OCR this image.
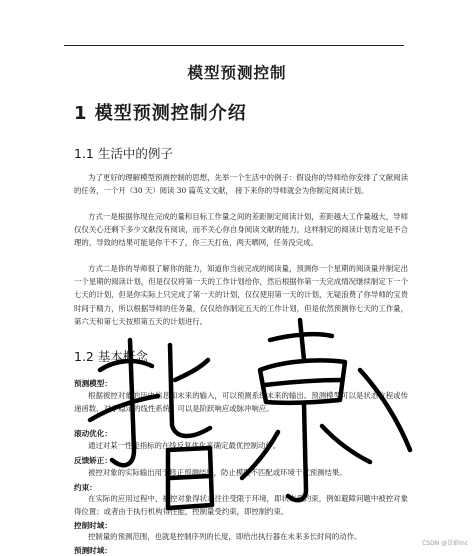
模型预测控制
1 模型预测控制介绍
1.1 生活中的例子
为了更好的理解模型预测控制的思想，先举一个生活中的例子：假设你的导师给你安排了文献阅读的任务，一个月（30 天）阅读 30 篇英文文献， 接下来你的导师就会为你制定阅读计划。
方式一是根据你现在完成的量和目标工作量之间的差距制定阅读计划，差距越大工作量越大，导师仅仅关心还剩下多少文献没有阅读，而不关心你自身阅读文献的能力，这样制定的阅读计划肯定是不合理的，导致的结果可能是你干不了，你三天打鱼，两天晒网，任务没完成。
方式二是你的导师很了解你的能力，知道你当前完成的阅读量，预测你一个星期的阅读量并制定出一个星期的阅读计划，但是仅仅将第一天的工作计划给你，然后根据你第一天完成情况继续制定下一个七天的计划，但是你实际上只完成了第一天的计划，仅仅使用第一天的计划，无疑浪费了你导师的宝贵时间于精力，所以根据导师的任务量，仅仅给你制定五天的工作计划，但是依然预测你七天的工作量，第六天和第七天按照第五天的计划进行。
1.2 基本概念
预测模型：
根据被控对象的历史信息和未来的输入，可以预测系统未来的输出。预测模型可以是状态方程或传递函数，对于稳定的线性系统，可以是阶跃响应或脉冲响应。
滚动优化：
通过对某一性能指标的在线反复优化来确定最优控制动作。
反馈矫正：
被控对象的实际输出用于修正预测结果，防止模型不匹配或环境干扰预测结果。
约束：
在实际的应用过程中，被控对象得状态往往受限于环境，即状态受约束，例如避障问题中被控对象得位置；或者由于执行机构得性能，控制量受约束，即控制约束。
控制时域：
控制量的预测范围，也就是控制序列的长度，即给出执行器在未来多长时间的动作。
预测时域：
指导
CSDN @冒影Inc
